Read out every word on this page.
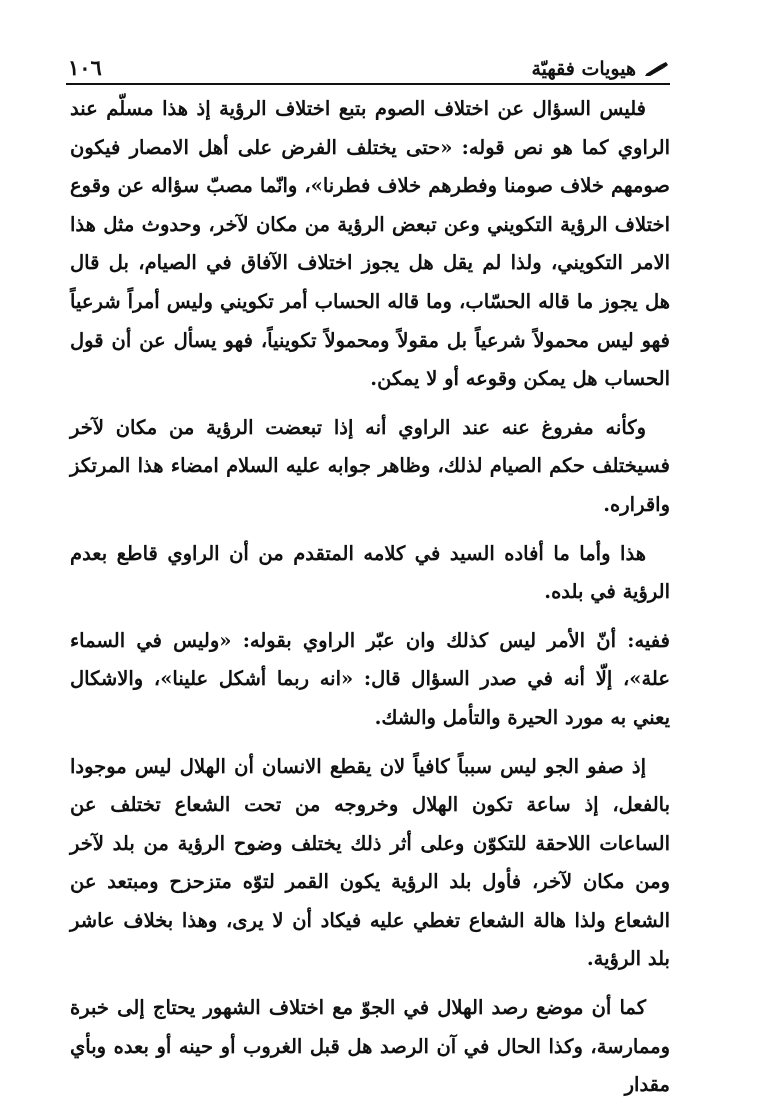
١٠٦	هيويات فقهيّة

فليس السؤال عن اختلاف الصوم بتبع اختلاف الرؤية إذ هذا مسلّم عند الراوي كما هو نص قوله: «حتى يختلف الفرض على أهل الامصار فيكون صومهم خلاف صومنا وفطرهم خلاف فطرنا»، وانّما مصبّ سؤاله عن وقوع اختلاف الرؤية التكويني وعن تبعض الرؤية من مكان لآخر، وحدوث مثل هذا الامر التكويني، ولذا لم يقل هل يجوز اختلاف الآفاق في الصيام، بل قال هل يجوز ما قاله الحسّاب، وما قاله الحساب أمر تكويني وليس أمراً شرعياً فهو ليس محمولاً شرعياً بل مقولاً ومحمولاً تكوينياً، فهو يسأل عن أن قول الحساب هل يمكن وقوعه أو لا يمكن.

وكأنه مفروغ عنه عند الراوي أنه إذا تبعضت الرؤية من مكان لآخر فسيختلف حكم الصيام لذلك، وظاهر جوابه عليه السلام امضاء هذا المرتكز واقراره.

هذا وأما ما أفاده السيد في كلامه المتقدم من أن الراوي قاطع بعدم الرؤية في بلده.

ففيه: أنّ الأمر ليس كذلك وان عبّر الراوي بقوله: «وليس في السماء علة»، إلّا أنه في صدر السؤال قال: «انه ربما أشكل علينا»، والاشكال يعني به مورد الحيرة والتأمل والشك.

إذ صفو الجو ليس سبباً كافياً لان يقطع الانسان أن الهلال ليس موجودا بالفعل، إذ ساعة تكون الهلال وخروجه من تحت الشعاع تختلف عن الساعات اللاحقة للتكوّن وعلى أثر ذلك يختلف وضوح الرؤية من بلد لآخر ومن مكان لآخر، فأول بلد الرؤية يكون القمر لتوّه متزحزح ومبتعد عن الشعاع ولذا هالة الشعاع تغطي عليه فيكاد أن لا يرى، وهذا بخلاف عاشر بلد الرؤية.

كما أن موضع رصد الهلال في الجوّ مع اختلاف الشهور يحتاج إلى خبرة وممارسة، وكذا الحال في آن الرصد هل قبل الغروب أو حينه أو بعده وبأي مقدار
